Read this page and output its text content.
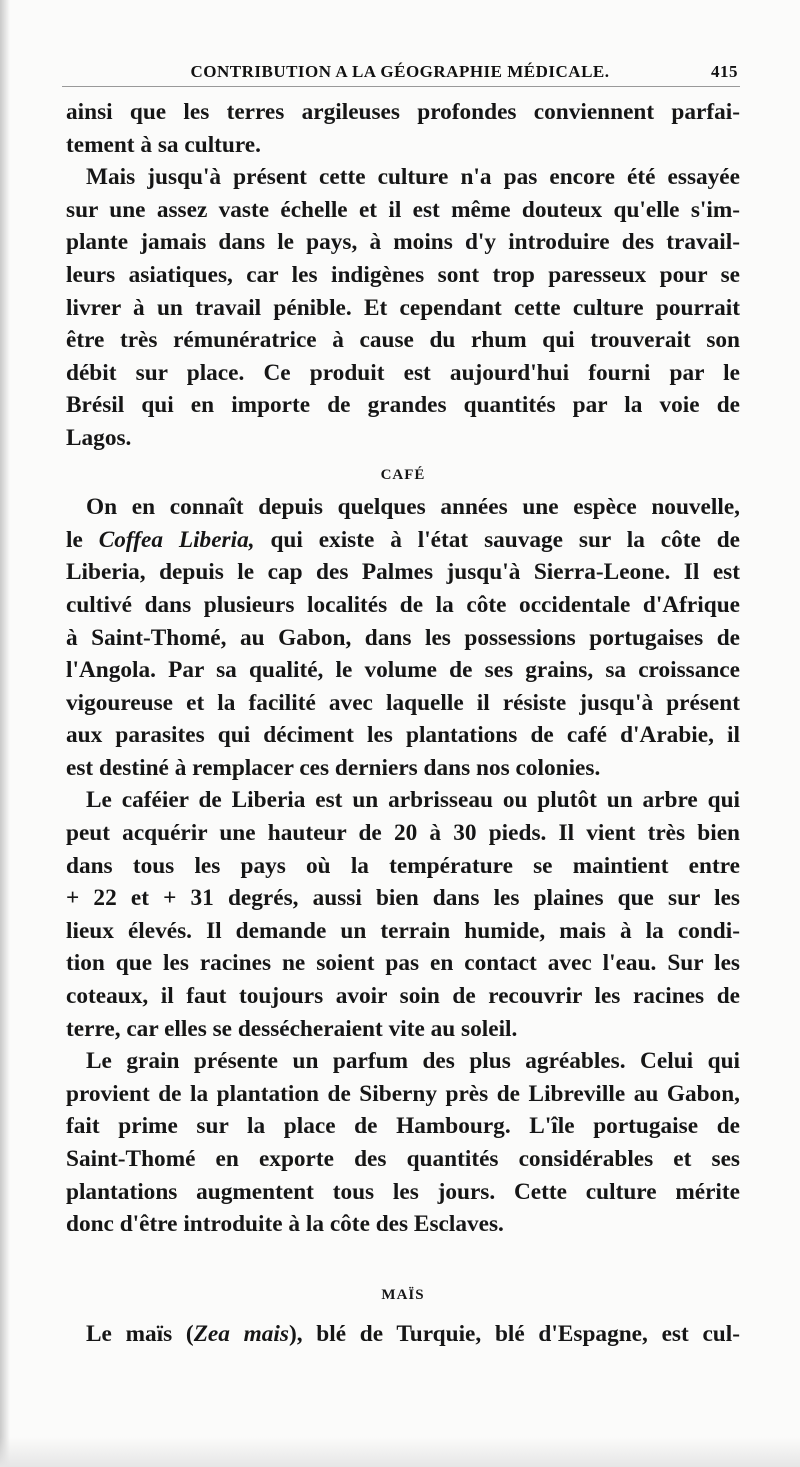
CONTRIBUTION A LA GÉOGRAPHIE MÉDICALE.	415
ainsi que les terres argileuses profondes conviennent parfai-
tement à sa culture.
Mais jusqu'à présent cette culture n'a pas encore été essayée
sur une assez vaste échelle et il est même douteux qu'elle s'im-
plante jamais dans le pays, à moins d'y introduire des travail-
leurs asiatiques, car les indigènes sont trop paresseux pour se
livrer à un travail pénible. Et cependant cette culture pourrait
être très rémunératrice à cause du rhum qui trouverait son
débit sur place. Ce produit est aujourd'hui fourni par le
Brésil qui en importe de grandes quantités par la voie de
Lagos.
CAFÉ
On en connaît depuis quelques années une espèce nouvelle,
le Coffea Liberia, qui existe à l'état sauvage sur la côte de
Liberia, depuis le cap des Palmes jusqu'à Sierra-Leone. Il est
cultivé dans plusieurs localités de la côte occidentale d'Afrique
à Saint-Thomé, au Gabon, dans les possessions portugaises de
l'Angola. Par sa qualité, le volume de ses grains, sa croissance
vigoureuse et la facilité avec laquelle il résiste jusqu'à présent
aux parasites qui déciment les plantations de café d'Arabie, il
est destiné à remplacer ces derniers dans nos colonies.
Le caféier de Liberia est un arbrisseau ou plutôt un arbre qui
peut acquérir une hauteur de 20 à 30 pieds. Il vient très bien
dans tous les pays où la température se maintient entre
+ 22 et + 31 degrés, aussi bien dans les plaines que sur les
lieux élevés. Il demande un terrain humide, mais à la condi-
tion que les racines ne soient pas en contact avec l'eau. Sur les
coteaux, il faut toujours avoir soin de recouvrir les racines de
terre, car elles se dessécheraient vite au soleil.
Le grain présente un parfum des plus agréables. Celui qui
provient de la plantation de Siberny près de Libreville au Gabon,
fait prime sur la place de Hambourg. L'île portugaise de
Saint-Thomé en exporte des quantités considérables et ses
plantations augmentent tous les jours. Cette culture mérite
donc d'être introduite à la côte des Esclaves.
MAÏS
Le maïs (Zea mais), blé de Turquie, blé d'Espagne, est cul-
